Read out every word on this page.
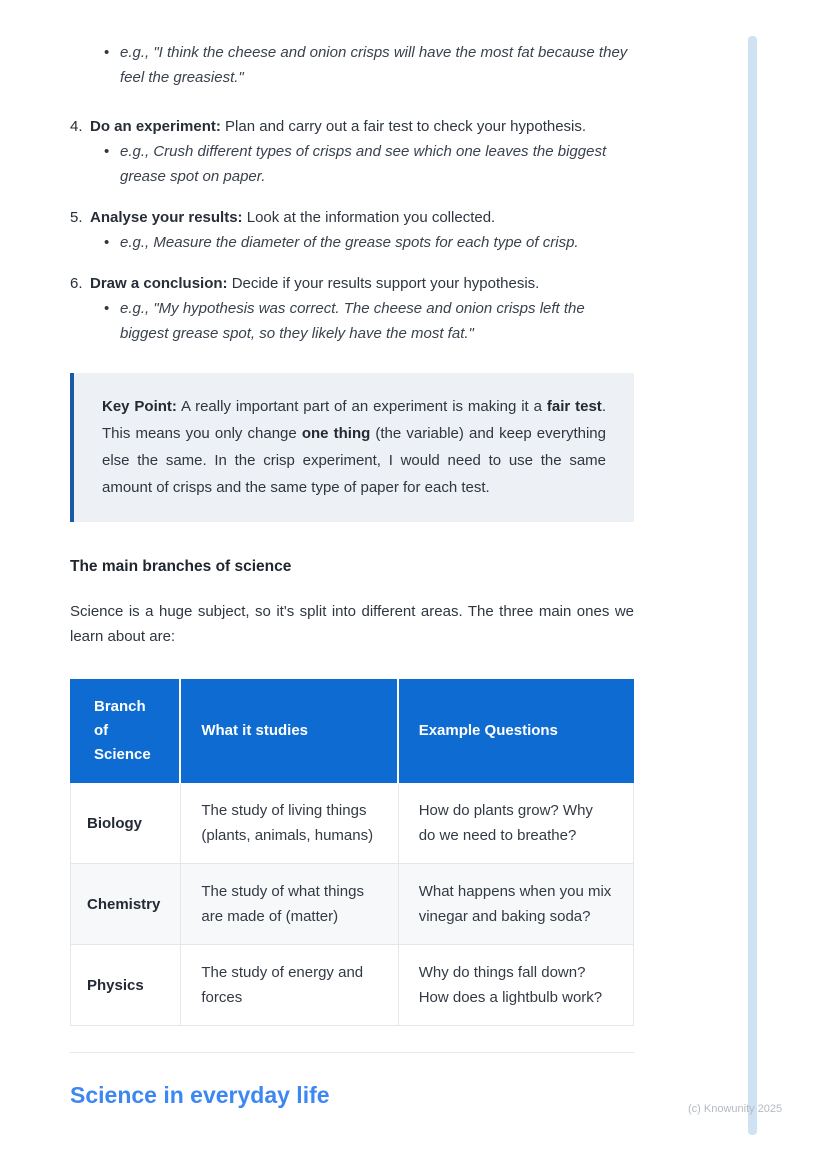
• e.g., "I think the cheese and onion crisps will have the most fat because they feel the greasiest."
4. Do an experiment: Plan and carry out a fair test to check your hypothesis.

• e.g., Crush different types of crisps and see which one leaves the biggest grease spot on paper.
5. Analyse your results: Look at the information you collected.

• e.g., Measure the diameter of the grease spots for each type of crisp.
6. Draw a conclusion: Decide if your results support your hypothesis.

• e.g., "My hypothesis was correct. The cheese and onion crisps left the biggest grease spot, so they likely have the most fat."

Key Point: A really important part of an experiment is making it a fair test. This means you only change one thing (the variable) and keep everything else the same. In the crisp experiment, I would need to use the same amount of crisps and the same type of paper for each test.

The main branches of science

Science is a huge subject, so it's split into different areas. The three main ones we learn about are:

Branch of Science	What it studies	Example Questions
Biology	The study of living things (plants, animals, humans)	How do plants grow? Why do we need to breathe?
Chemistry	The study of what things are made of (matter)	What happens when you mix vinegar and baking soda?
Physics	The study of energy and forces	Why do things fall down? How does a lightbulb work?
Science in everyday life
(c) Knowunity 2025
